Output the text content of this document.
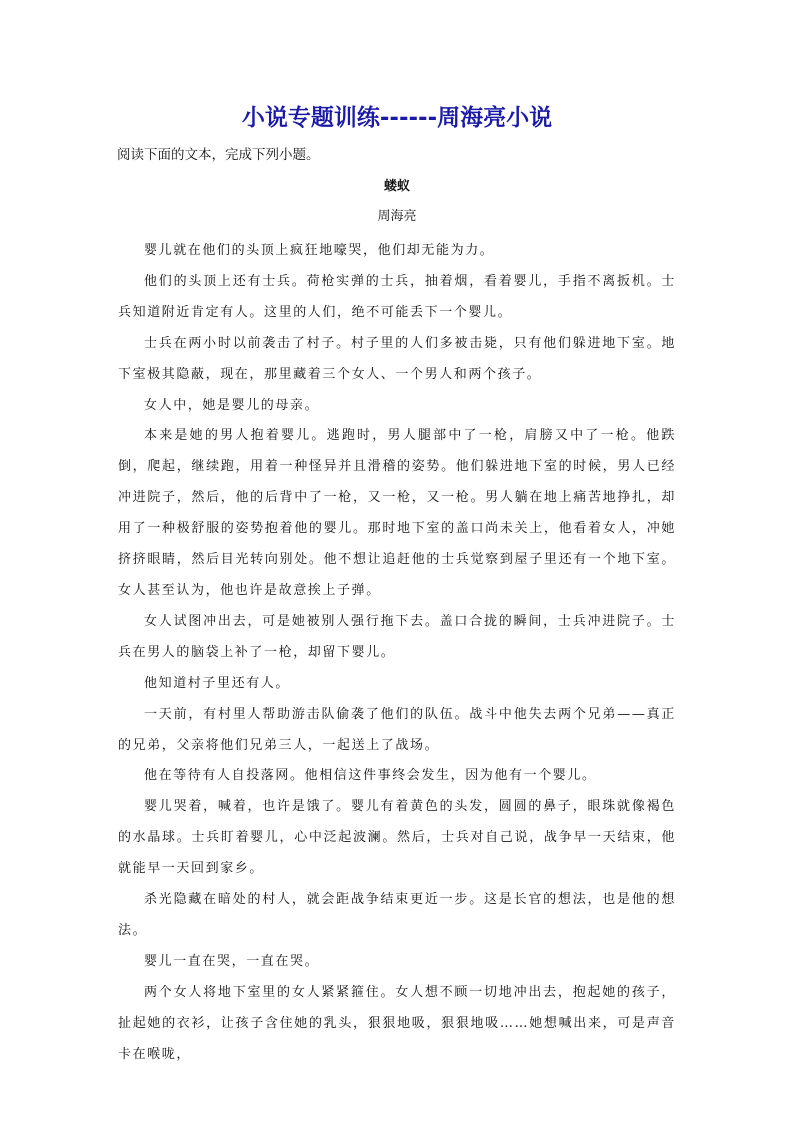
小说专题训练------周海亮小说

阅读下面的文本，完成下列小题。

蝼蚁

周海亮

婴儿就在他们的头顶上疯狂地嚎哭，他们却无能为力。

他们的头顶上还有士兵。荷枪实弹的士兵，抽着烟，看着婴儿，手指不离扳机。士兵知道附近肯定有人。这里的人们，绝不可能丢下一个婴儿。

士兵在两小时以前袭击了村子。村子里的人们多被击毙，只有他们躲进地下室。地下室极其隐蔽，现在，那里藏着三个女人、一个男人和两个孩子。

女人中，她是婴儿的母亲。

本来是她的男人抱着婴儿。逃跑时，男人腿部中了一枪，肩膀又中了一枪。他跌倒，爬起，继续跑，用着一种怪异并且滑稽的姿势。他们躲进地下室的时候，男人已经冲进院子，然后，他的后背中了一枪，又一枪，又一枪。男人躺在地上痛苦地挣扎，却用了一种极舒服的姿势抱着他的婴儿。那时地下室的盖口尚未关上，他看着女人，冲她挤挤眼睛，然后目光转向别处。他不想让追赶他的士兵觉察到屋子里还有一个地下室。女人甚至认为，他也许是故意挨上子弹。

女人试图冲出去，可是她被别人强行拖下去。盖口合拢的瞬间，士兵冲进院子。士兵在男人的脑袋上补了一枪，却留下婴儿。

他知道村子里还有人。

一天前，有村里人帮助游击队偷袭了他们的队伍。战斗中他失去两个兄弟——真正的兄弟，父亲将他们兄弟三人，一起送上了战场。

他在等待有人自投落网。他相信这件事终会发生，因为他有一个婴儿。

婴儿哭着，喊着，也许是饿了。婴儿有着黄色的头发，圆圆的鼻子，眼珠就像褐色的水晶球。士兵盯着婴儿，心中泛起波澜。然后，士兵对自己说，战争早一天结束，他就能早一天回到家乡。

杀光隐藏在暗处的村人，就会距战争结束更近一步。这是长官的想法，也是他的想法。

婴儿一直在哭，一直在哭。

两个女人将地下室里的女人紧紧箍住。女人想不顾一切地冲出去，抱起她的孩子，扯起她的衣衫，让孩子含住她的乳头，狠狠地吸，狠狠地吸……她想喊出来，可是声音卡在喉咙，
